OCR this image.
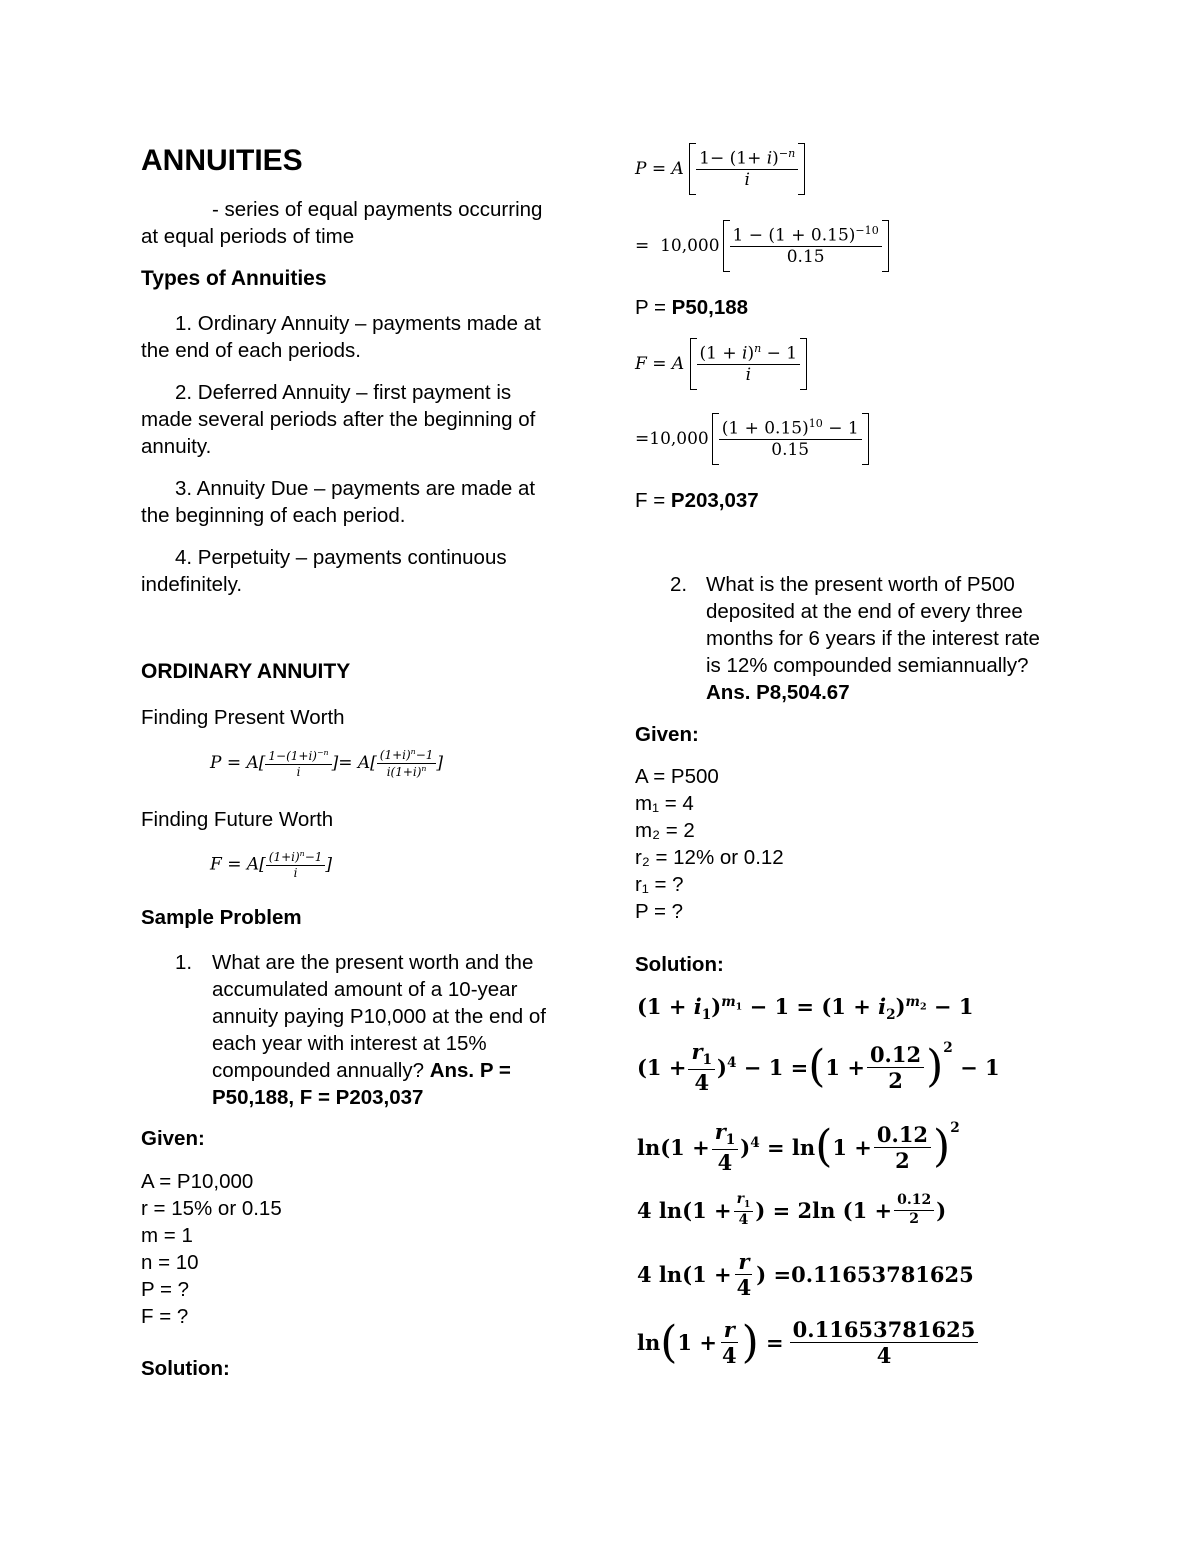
ANNUITIES
- series of equal payments occurring
at equal periods of time
Types of Annuities
1. Ordinary Annuity – payments made at
the end of each periods.
2. Deferred Annuity – first payment is
made several periods after the beginning of
annuity.
3. Annuity Due – payments are made at
the beginning of each period.
4. Perpetuity – payments continuous
indefinitely.
ORDINARY ANNUITY
Finding Present Worth
$P = A[ \frac{1-(1+i)^{-n}}{i}$ ]= $A[ \frac{(1+i)^n-1}{i(1+i)^n}$ ]
Finding Future Worth
$F = A[ \frac{(1+i)^n-1}{i}$ ]
Sample Problem
1. What are the present worth and the
accumulated amount of a 10-year
annuity paying P10,000 at the end of
each year with interest at 15%
compounded annually? Ans. P =
P50,188, F = P203,037
Given:
A = P10,000
r = 15% or 0.15
m = 1
n = 10
P = ?
F = ?
Solution:
P = A $\frac{1- (1+ i)^{-n}}{i}$
= $10,000 \frac{1 - (1 + 0.15)^{-10}}{0.15}$
P = P50,188
F = A $\frac{(1 + i)^n - 1}{i}$
= $10,000 \frac{(1 + 0.15)^{10} - 1}{0.15}$
F = P203,037
2. What is the present worth of P500
deposited at the end of every three
months for 6 years if the interest rate
is 12% compounded semiannually?
Ans. P8,504.67
Given:
A = P500
m₁ = 4
m₂ = 2
r₂ = 12% or 0.12
r₁ = ?
P = ?
Solution:
$(1 + i_1)^{m_1} - 1 = (1 + i_2)^{m_2} - 1$
$(1 + \frac{r_1}{4} )^4 - 1$ = ( $1 + \frac{0.12}{2} )^2$
− 1
$\ln(1 + \frac{r_1}{4} )^4 = \ln$ ( $1 + \frac{0.12}{2} )^2$
4 $\ln(1 + \frac{r_1}{4}$ ) = 2ln ($1 + \frac{0.12}{2}$ )
4 $\ln(1 + \frac{r}{4}$ ) = 0.11653781625
ln ( $1 + \frac{r}{4}$ ) = $\frac{0.11653781625}{4}$
